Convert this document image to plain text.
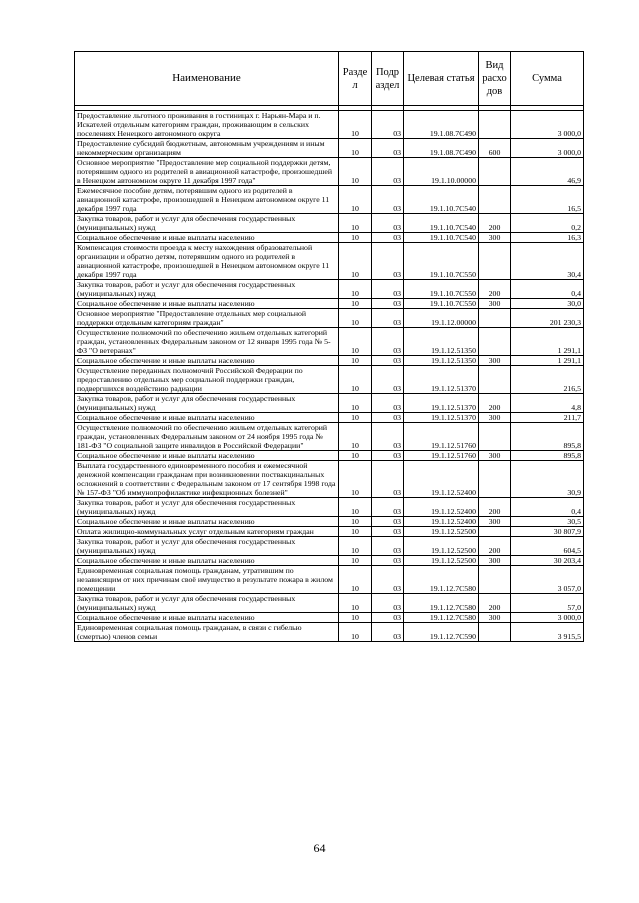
Наименование	Разде л	Подр аздел	Целевая статья	Вид расхо дов	Сумма

Предоставление льготного проживания в гостиницах г. Нарьян-Мара и п. Искателей отдельным категориям граждан, проживающим в сельских поселениях Ненецкого автономного округа	10	03	19.1.08.7С490		3 000,0
Предоставление субсидий бюджетным, автономным учреждениям и иным некоммерческим организациям	10	03	19.1.08.7С490	600	3 000,0
Основное мероприятие "Предоставление мер социальной поддержки детям, потерявшим одного из родителей в авиационной катастрофе, произошедшей в Ненецком автономном округе 11 декабря 1997 года"	10	03	19.1.10.00000		46,9
Ежемесячное пособие детям, потерявшим одного из родителей в авиационной катастрофе, произошедшей в Ненецком автономном округе 11 декабря 1997 года	10	03	19.1.10.7С540		16,5
Закупка товаров, работ и услуг для обеспечения государственных (муниципальных) нужд	10	03	19.1.10.7С540	200	0,2
Социальное обеспечение и иные выплаты населению	10	03	19.1.10.7С540	300	16,3
Компенсация стоимости проезда к месту нахождения образовательной организации и обратно детям, потерявшим одного из родителей в авиационной катастрофе, произошедшей в Ненецком автономном округе 11 декабря 1997 года	10	03	19.1.10.7С550		30,4
Закупка товаров, работ и услуг для обеспечения государственных (муниципальных) нужд	10	03	19.1.10.7С550	200	0,4
Социальное обеспечение и иные выплаты населению	10	03	19.1.10.7С550	300	30,0
Основное мероприятие "Предоставление отдельных мер социальной поддержки отдельным категориям граждан"	10	03	19.1.12.00000		201 230,3
Осуществление полномочий по обеспечению жильем отдельных категорий граждан, установленных Федеральным законом от 12 января 1995 года № 5-ФЗ "О ветеранах"	10	03	19.1.12.51350		1 291,1
Социальное обеспечение и иные выплаты населению	10	03	19.1.12.51350	300	1 291,1
Осуществление переданных полномочий Российской Федерации по предоставлению отдельных мер социальной поддержки граждан, подвергшихся воздействию радиации	10	03	19.1.12.51370		216,5
Закупка товаров, работ и услуг для обеспечения государственных (муниципальных) нужд	10	03	19.1.12.51370	200	4,8
Социальное обеспечение и иные выплаты населению	10	03	19.1.12.51370	300	211,7
Осуществление полномочий по обеспечению жильем отдельных категорий граждан, установленных Федеральным законом от 24 ноября 1995 года № 181-ФЗ "О социальной защите инвалидов в Российской Федерации"	10	03	19.1.12.51760		895,8
Социальное обеспечение и иные выплаты населению	10	03	19.1.12.51760	300	895,8
Выплата государственного единовременного пособия и ежемесячной денежной компенсации гражданам при возникновении поствакцинальных осложнений в соответствии с Федеральным законом от 17 сентября 1998 года № 157-ФЗ "Об иммунопрофилактике инфекционных болезней"	10	03	19.1.12.52400		30,9
Закупка товаров, работ и услуг для обеспечения государственных (муниципальных) нужд	10	03	19.1.12.52400	200	0,4
Социальное обеспечение и иные выплаты населению	10	03	19.1.12.52400	300	30,5
Оплата жилищно-коммунальных услуг отдельным категориям граждан	10	03	19.1.12.52500		30 807,9
Закупка товаров, работ и услуг для обеспечения государственных (муниципальных) нужд	10	03	19.1.12.52500	200	604,5
Социальное обеспечение и иные выплаты населению	10	03	19.1.12.52500	300	30 203,4
Единовременная социальная помощь гражданам, утратившим по независящим от них причинам своё имущество в результате пожара в жилом помещении	10	03	19.1.12.7С580		3 057,0
Закупка товаров, работ и услуг для обеспечения государственных (муниципальных) нужд	10	03	19.1.12.7С580	200	57,0
Социальное обеспечение и иные выплаты населению	10	03	19.1.12.7С580	300	3 000,0
Единовременная социальная помощь гражданам, в связи с гибелью (смертью) членов семьи	10	03	19.1.12.7С590		3 915,5
64
